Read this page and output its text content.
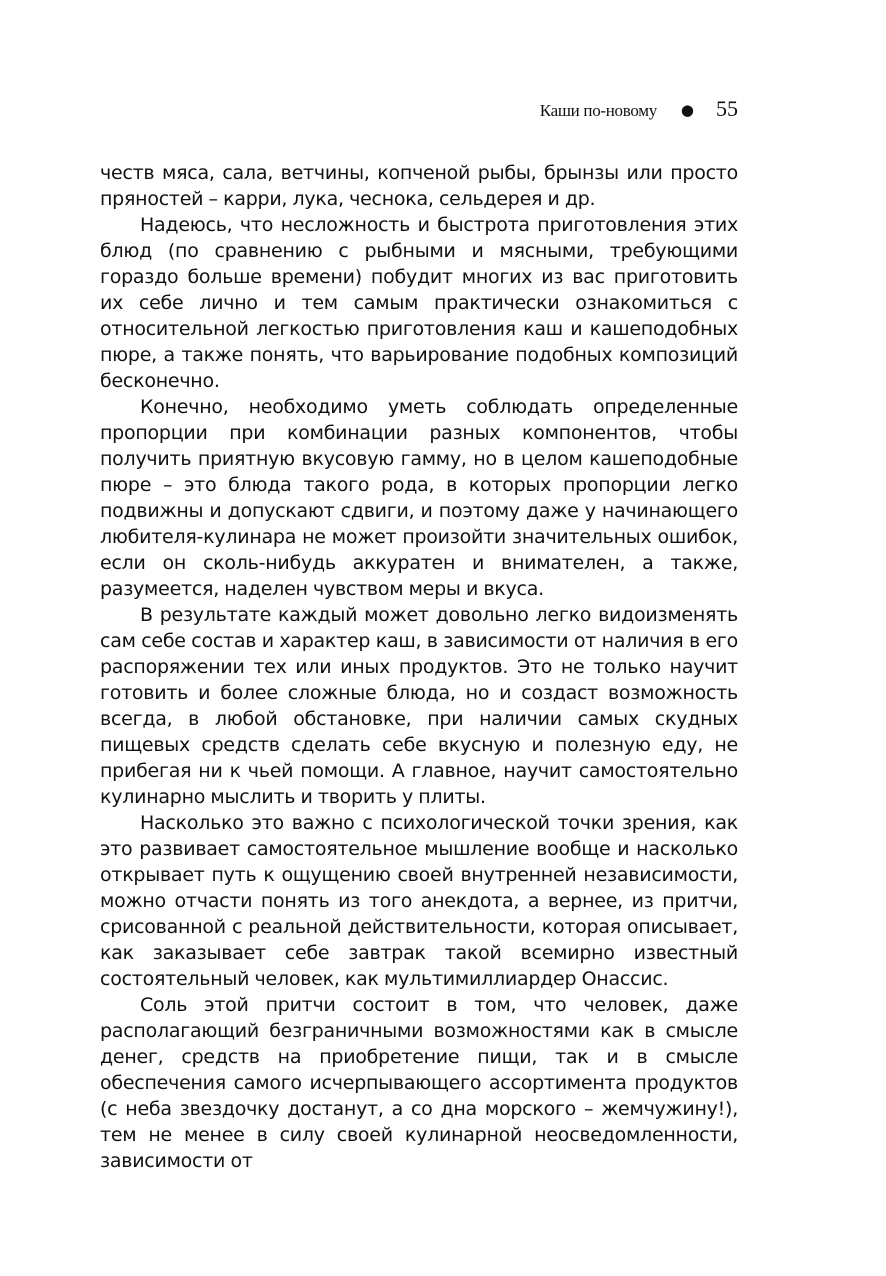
Каши по-новому ● 55

честв мяса, сала, ветчины, копченой рыбы, брынзы или просто пряностей – карри, лука, чеснока, сельдерея и др.

Надеюсь, что несложность и быстрота приготовления этих блюд (по сравнению с рыбными и мясными, требующими гораздо больше времени) побудит многих из вас приготовить их себе лично и тем самым практически ознакомиться с относительной легкостью приготовления каш и кашеподобных пюре, а также понять, что варьирование подобных композиций бесконечно.

Конечно, необходимо уметь соблюдать определенные пропорции при комбинации разных компонентов, чтобы получить приятную вкусовую гамму, но в целом кашеподобные пюре – это блюда такого рода, в которых пропорции легко подвижны и допускают сдвиги, и поэтому даже у начинающего любителя-кулинара не может произойти значительных ошибок, если он сколь-нибудь аккуратен и внимателен, а также, разумеется, наделен чувством меры и вкуса.

В результате каждый может довольно легко видоизменять сам себе состав и характер каш, в зависимости от наличия в его распоряжении тех или иных продуктов. Это не только научит готовить и более сложные блюда, но и создаст возможность всегда, в любой обстановке, при наличии самых скудных пищевых средств сделать себе вкусную и полезную еду, не прибегая ни к чьей помощи. А главное, научит самостоятельно кулинарно мыслить и творить у плиты.

Насколько это важно с психологической точки зрения, как это развивает самостоятельное мышление вообще и насколько открывает путь к ощущению своей внутренней независимости, можно отчасти понять из того анекдота, а вернее, из притчи, срисованной с реальной действительности, которая описывает, как заказывает себе завтрак такой всемирно известный состоятельный человек, как мультимиллиардер Онассис.

Соль этой притчи состоит в том, что человек, даже располагающий безграничными возможностями как в смысле денег, средств на приобретение пищи, так и в смысле обеспечения самого исчерпывающего ассортимента продуктов (с неба звездочку достанут, а со дна морского – жемчужину!), тем не менее в силу своей кулинарной неосведомленности, зависимости от
